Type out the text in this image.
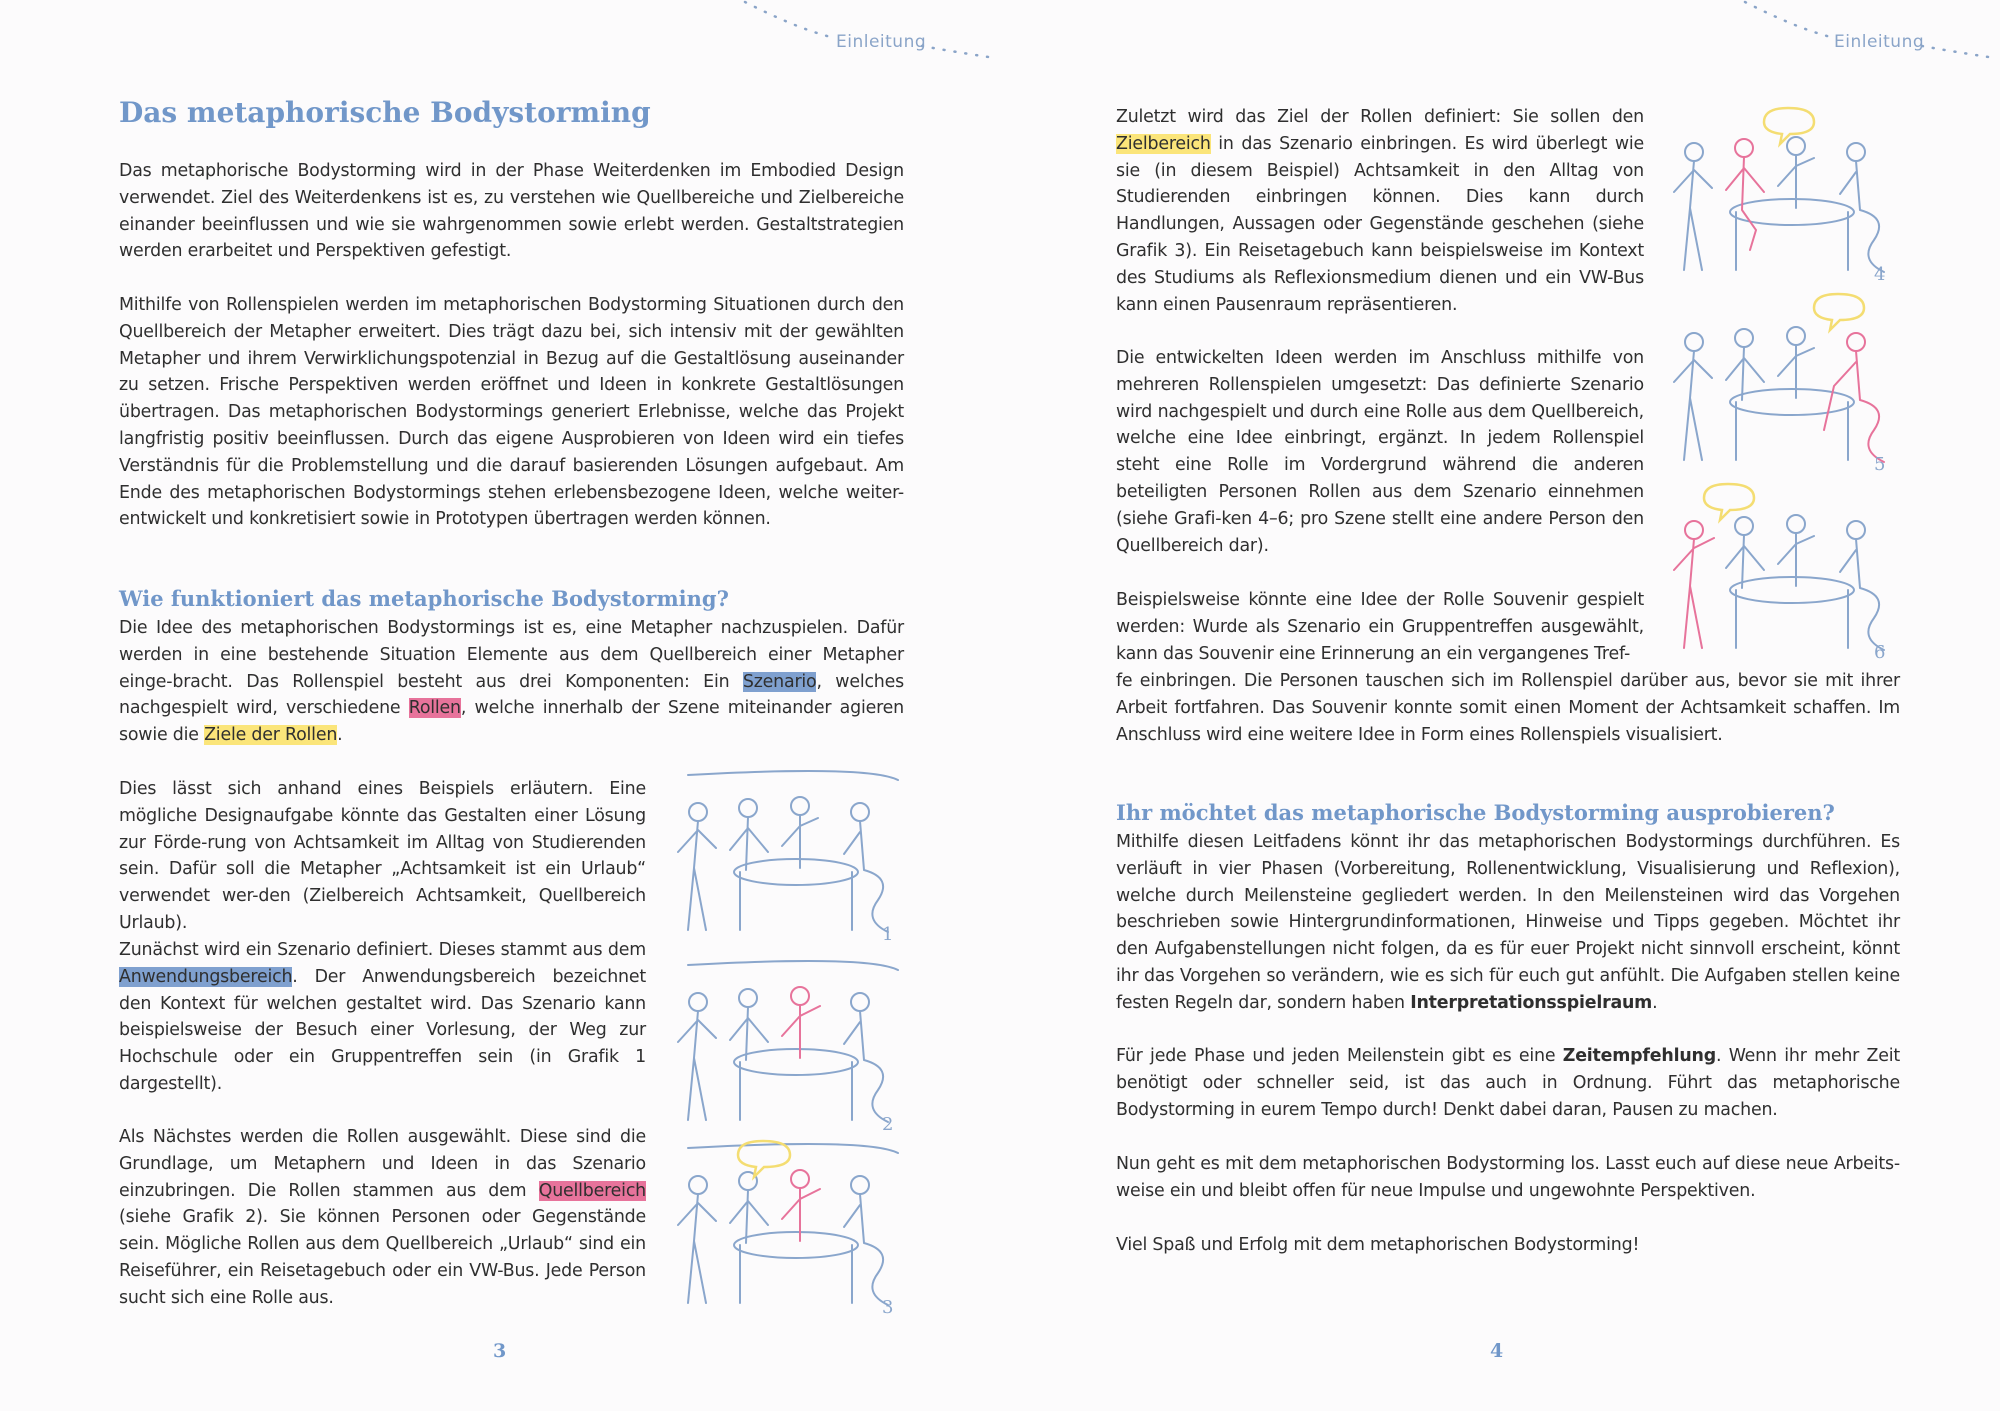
Einleitung
Das metaphorische Bodystorming

Das metaphorische Bodystorming wird in der Phase Weiterdenken im Embodied Design verwendet. Ziel des Weiterdenkens ist es, zu verstehen wie Quellbereiche und Zielbereiche einander beeinflussen und wie sie wahrgenommen sowie erlebt werden. Gestaltstrategien werden erarbeitet und Perspektiven gefestigt.

Mithilfe von Rollenspielen werden im metaphorischen Bodystorming Situationen durch den Quellbereich der Metapher erweitert. Dies trägt dazu bei, sich intensiv mit der gewählten Metapher und ihrem Verwirklichungspotenzial in Bezug auf die Gestaltlösung auseinander zu setzen. Frische Perspektiven werden eröffnet und Ideen in konkrete Gestaltlösungen übertragen. Das metaphorischen Bodystormings generiert Erlebnisse, welche das Projekt langfristig positiv beeinflussen. Durch das eigene Ausprobieren von Ideen wird ein tiefes Verständnis für die Problemstellung und die darauf basierenden Lösungen aufgebaut. Am Ende des metaphorischen Bodystormings stehen erlebensbezogene Ideen, welche weiter-entwickelt und konkretisiert sowie in Prototypen übertragen werden können.

Wie funktioniert das metaphorische Bodystorming?

Die Idee des metaphorischen Bodystormings ist es, eine Metapher nachzuspielen. Dafür werden in eine bestehende Situation Elemente aus dem Quellbereich einer Metapher einge-bracht. Das Rollenspiel besteht aus drei Komponenten: Ein Szenario, welches nachgespielt wird, verschiedene Rollen, welche innerhalb der Szene miteinander agieren sowie die Ziele der Rollen.

Dies lässt sich anhand eines Beispiels erläutern. Eine mögliche Designaufgabe könnte das Gestalten einer Lösung zur Förde-rung von Achtsamkeit im Alltag von Studierenden sein. Dafür soll die Metapher „Achtsamkeit ist ein Urlaub“ verwendet wer-den (Zielbereich Achtsamkeit, Quellbereich Urlaub).

Zunächst wird ein Szenario definiert. Dieses stammt aus dem Anwendungsbereich. Der Anwendungsbereich bezeichnet den Kontext für welchen gestaltet wird. Das Szenario kann beispielsweise der Besuch einer Vorlesung, der Weg zur Hochschule oder ein Gruppentreffen sein (in Grafik 1 dargestellt).

Als Nächstes werden die Rollen ausgewählt. Diese sind die Grundlage, um Metaphern und Ideen in das Szenario einzubringen. Die Rollen stammen aus dem Quellbereich (siehe Grafik 2). Sie können Personen oder Gegenstände sein. Mögliche Rollen aus dem Quellbereich „Urlaub“ sind ein Reiseführer, ein Reisetagebuch oder ein VW-Bus. Jede Person sucht sich eine Rolle aus.

1
2
3
3
Einleitung

Zuletzt wird das Ziel der Rollen definiert: Sie sollen den Zielbereich in das Szenario einbringen. Es wird überlegt wie sie (in diesem Beispiel) Achtsamkeit in den Alltag von Studierenden einbringen können. Dies kann durch Handlungen, Aussagen oder Gegenstände geschehen (siehe Grafik 3). Ein Reisetagebuch kann beispielsweise im Kontext des Studiums als Reflexionsmedium dienen und ein VW-Bus kann einen Pausenraum repräsentieren.

Die entwickelten Ideen werden im Anschluss mithilfe von mehreren Rollenspielen umgesetzt: Das definierte Szenario wird nachgespielt und durch eine Rolle aus dem Quellbereich, welche eine Idee einbringt, ergänzt. In jedem Rollenspiel steht eine Rolle im Vordergrund während die anderen beteiligten Personen Rollen aus dem Szenario einnehmen (siehe Grafi-ken 4–6; pro Szene stellt eine andere Person den Quellbereich dar).

Beispielsweise könnte eine Idee der Rolle Souvenir gespielt werden: Wurde als Szenario ein Gruppentreffen ausgewählt, kann das Souvenir eine Erinnerung an ein vergangenes Tref-

fe einbringen. Die Personen tauschen sich im Rollenspiel darüber aus, bevor sie mit ihrer Arbeit fortfahren. Das Souvenir konnte somit einen Moment der Achtsamkeit schaffen. Im Anschluss wird eine weitere Idee in Form eines Rollenspiels visualisiert.

Ihr möchtet das metaphorische Bodystorming ausprobieren?

Mithilfe diesen Leitfadens könnt ihr das metaphorischen Bodystormings durchführen. Es verläuft in vier Phasen (Vorbereitung, Rollenentwicklung, Visualisierung und Reflexion), welche durch Meilensteine gegliedert werden. In den Meilensteinen wird das Vorgehen beschrieben sowie Hintergrundinformationen, Hinweise und Tipps gegeben. Möchtet ihr den Aufgabenstellungen nicht folgen, da es für euer Projekt nicht sinnvoll erscheint, könnt ihr das Vorgehen so verändern, wie es sich für euch gut anfühlt. Die Aufgaben stellen keine festen Regeln dar, sondern haben Interpretationsspielraum.

Für jede Phase und jeden Meilenstein gibt es eine Zeitempfehlung. Wenn ihr mehr Zeit benötigt oder schneller seid, ist das auch in Ordnung. Führt das metaphorische Bodystorming in eurem Tempo durch! Denkt dabei daran, Pausen zu machen.

Nun geht es mit dem metaphorischen Bodystorming los. Lasst euch auf diese neue Arbeits-weise ein und bleibt offen für neue Impulse und ungewohnte Perspektiven.

Viel Spaß und Erfolg mit dem metaphorischen Bodystorming!

4
5
6
4
